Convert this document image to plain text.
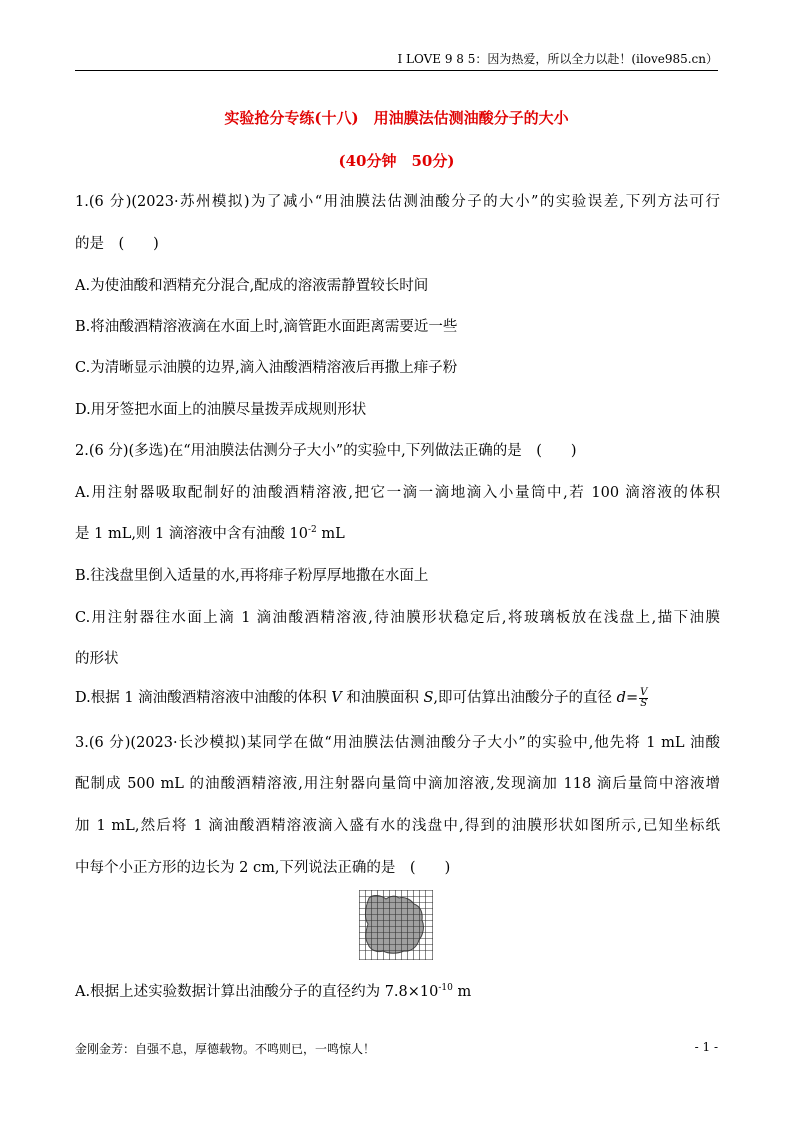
I LOVE 9 8 5：因为热爱，所以全力以赴！(ilove985.cn）
实验抢分专练(十八)　用油膜法估测油酸分子的大小
(40分钟　50分)
1.(6 分)(2023·苏州模拟)为了减小“用油膜法估测油酸分子的大小”的实验误差,下列方法可行
的是　(　　)
A.为使油酸和酒精充分混合,配成的溶液需静置较长时间
B.将油酸酒精溶液滴在水面上时,滴管距水面距离需要近一些
C.为清晰显示油膜的边界,滴入油酸酒精溶液后再撒上痱子粉
D.用牙签把水面上的油膜尽量拨弄成规则形状
2.(6 分)(多选)在“用油膜法估测分子大小”的实验中,下列做法正确的是　(　　)
A.用注射器吸取配制好的油酸酒精溶液,把它一滴一滴地滴入小量筒中,若 100 滴溶液的体积
是 1 mL,则 1 滴溶液中含有油酸 $10^{-2}$ mL
B.往浅盘里倒入适量的水,再将痱子粉厚厚地撒在水面上
C.用注射器往水面上滴 1 滴油酸酒精溶液,待油膜形状稳定后,将玻璃板放在浅盘上,描下油膜
的形状
D.根据 1 滴油酸酒精溶液中油酸的体积 V 和油膜面积 S,即可估算出油酸分子的直径 $d= \frac{V}{S}$
3.(6 分)(2023·长沙模拟)某同学在做“用油膜法估测油酸分子大小”的实验中,他先将 1 mL 油酸
配制成 500 mL 的油酸酒精溶液,用注射器向量筒中滴加溶液,发现滴加 118 滴后量筒中溶液增
加 1 mL,然后将 1 滴油酸酒精溶液滴入盛有水的浅盘中,得到的油膜形状如图所示,已知坐标纸
中每个小正方形的边长为 2 cm,下列说法正确的是　(　　)
A.根据上述实验数据计算出油酸分子的直径约为 $7.8\times 10^{-10}$ m
金刚金芳：自强不息，厚德载物。不鸣则已，一鸣惊人！	- 1 -
